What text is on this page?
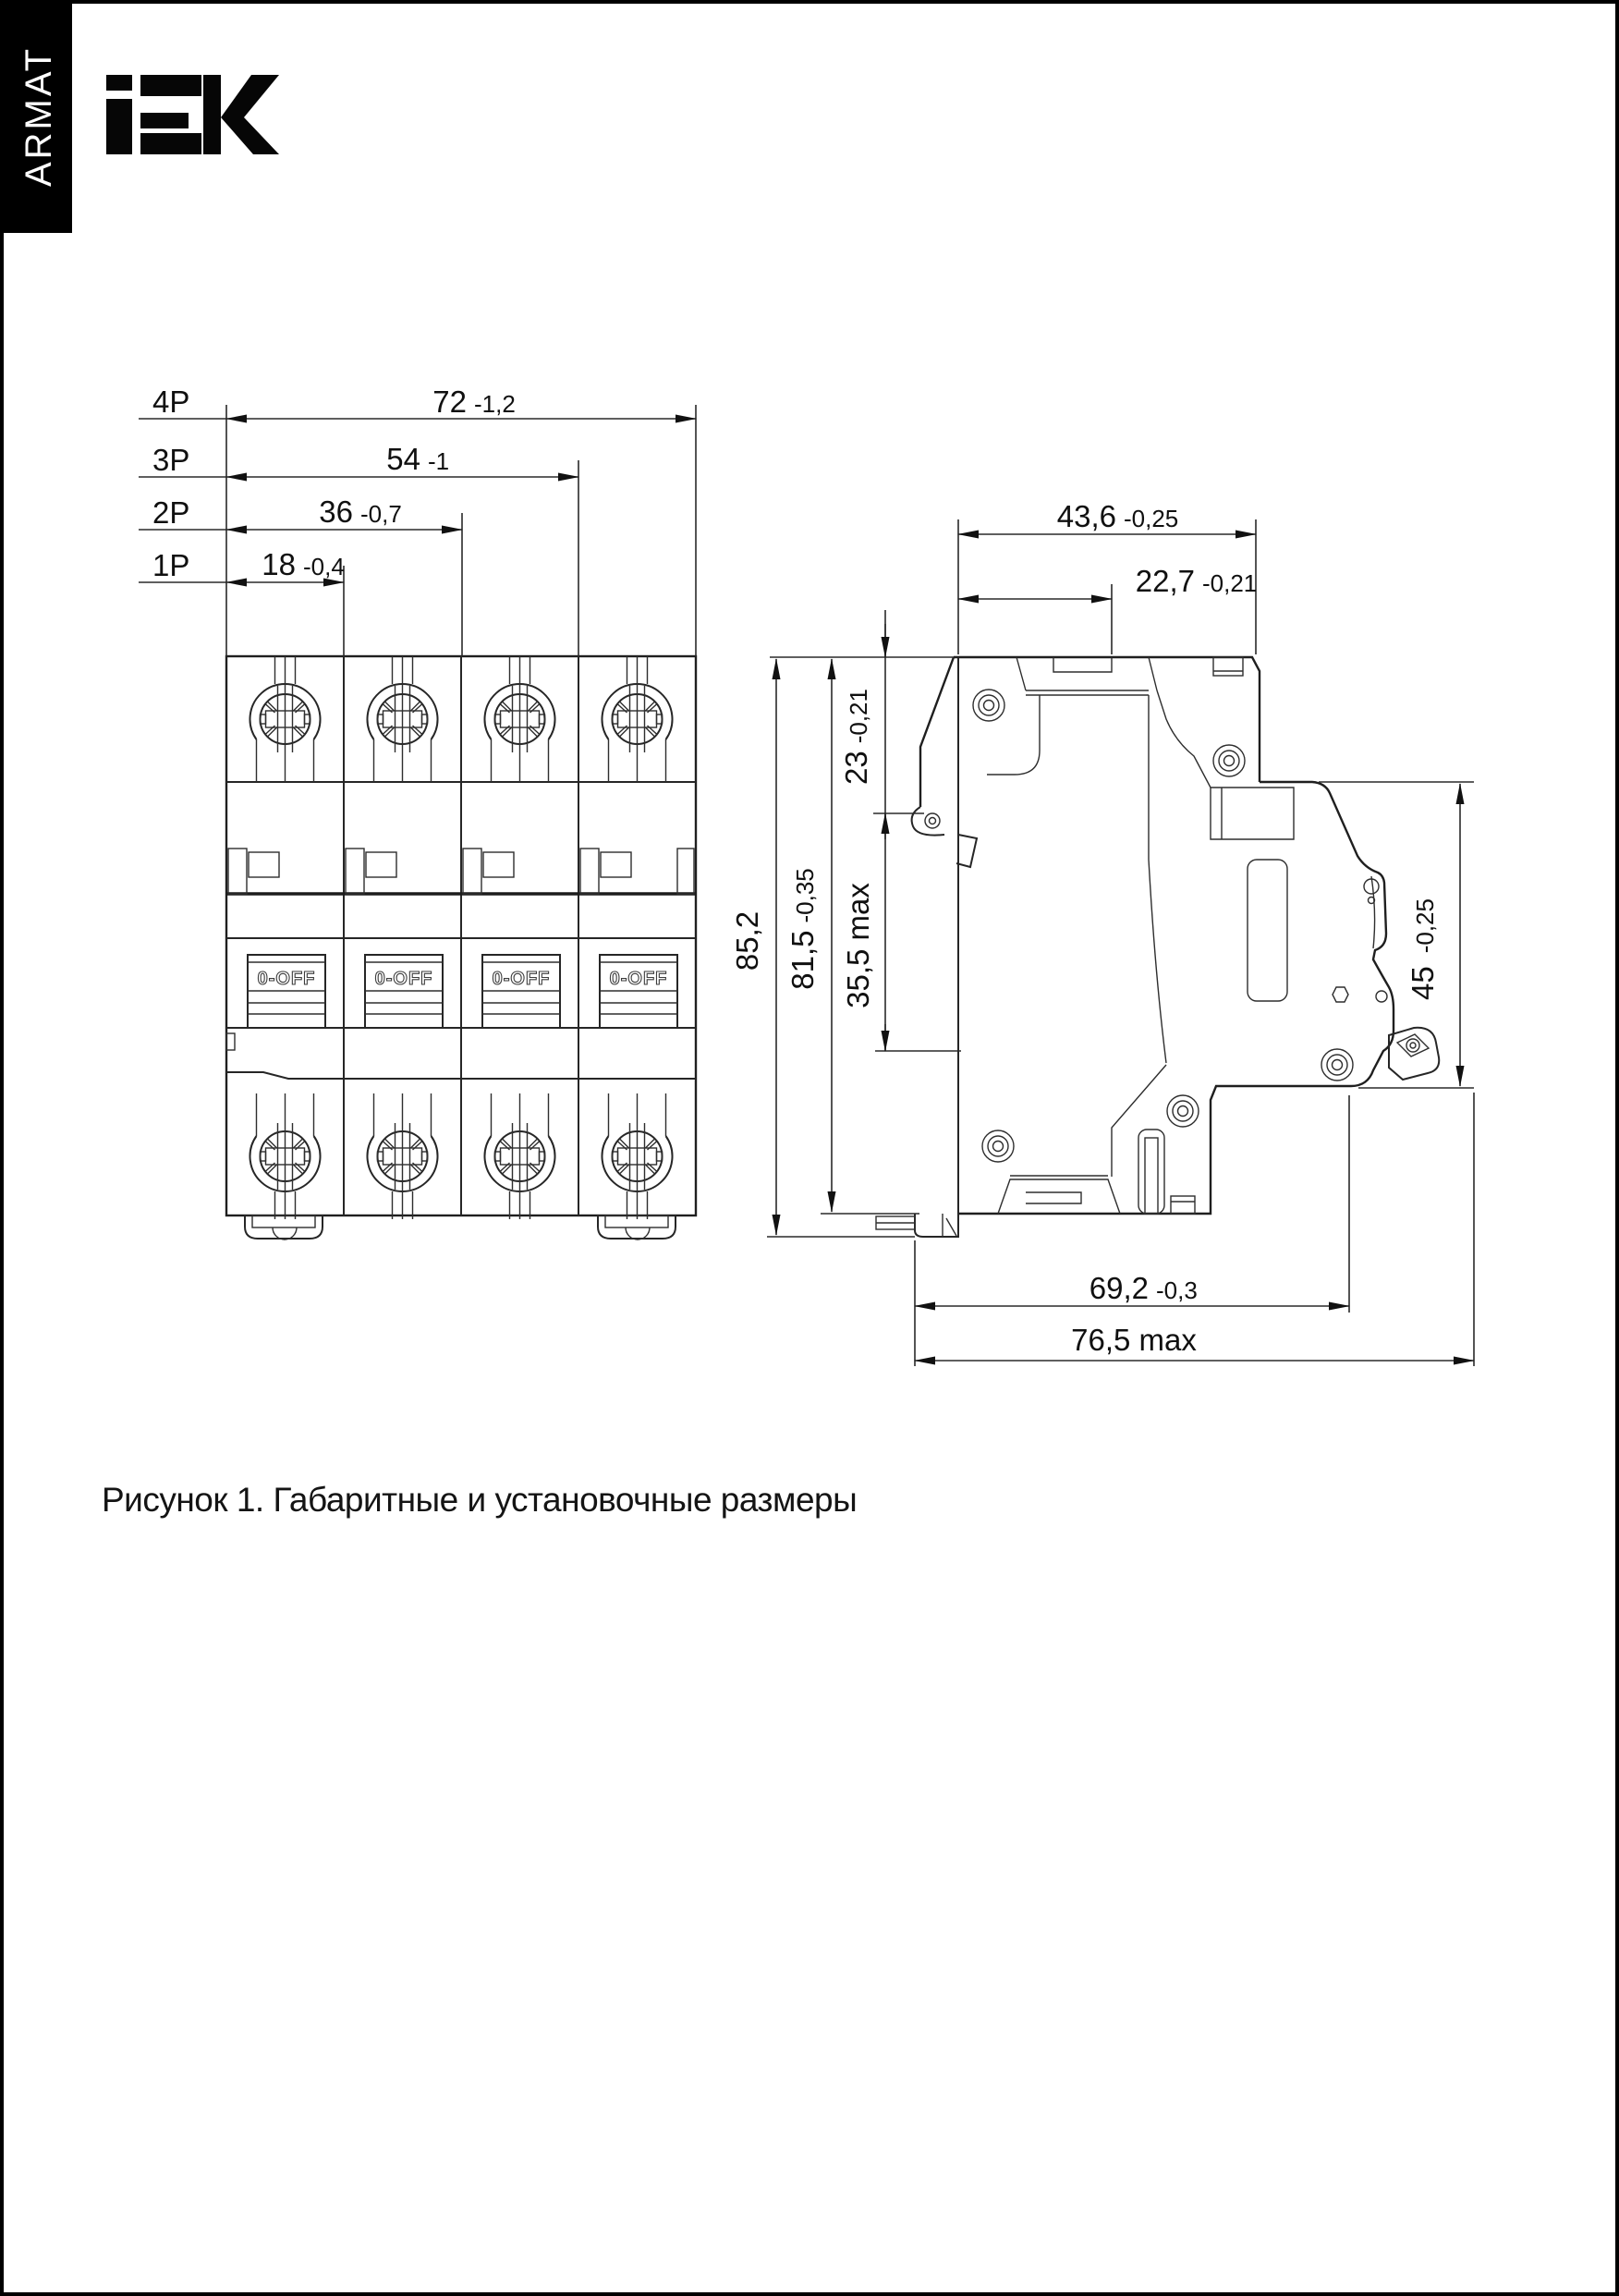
ARMAT
0-OFF
4P	72 -1,2
3P	54 -1
2P	36 -0,7
1P 18 -0,4
43,6 -0,25
22,7 -0,21
23-0,21
35,5 max
85,2 81,5-0,35
45-0,25
69,2 -0,3
76,5 max
Рисунок 1. Габаритные и установочные размеры
